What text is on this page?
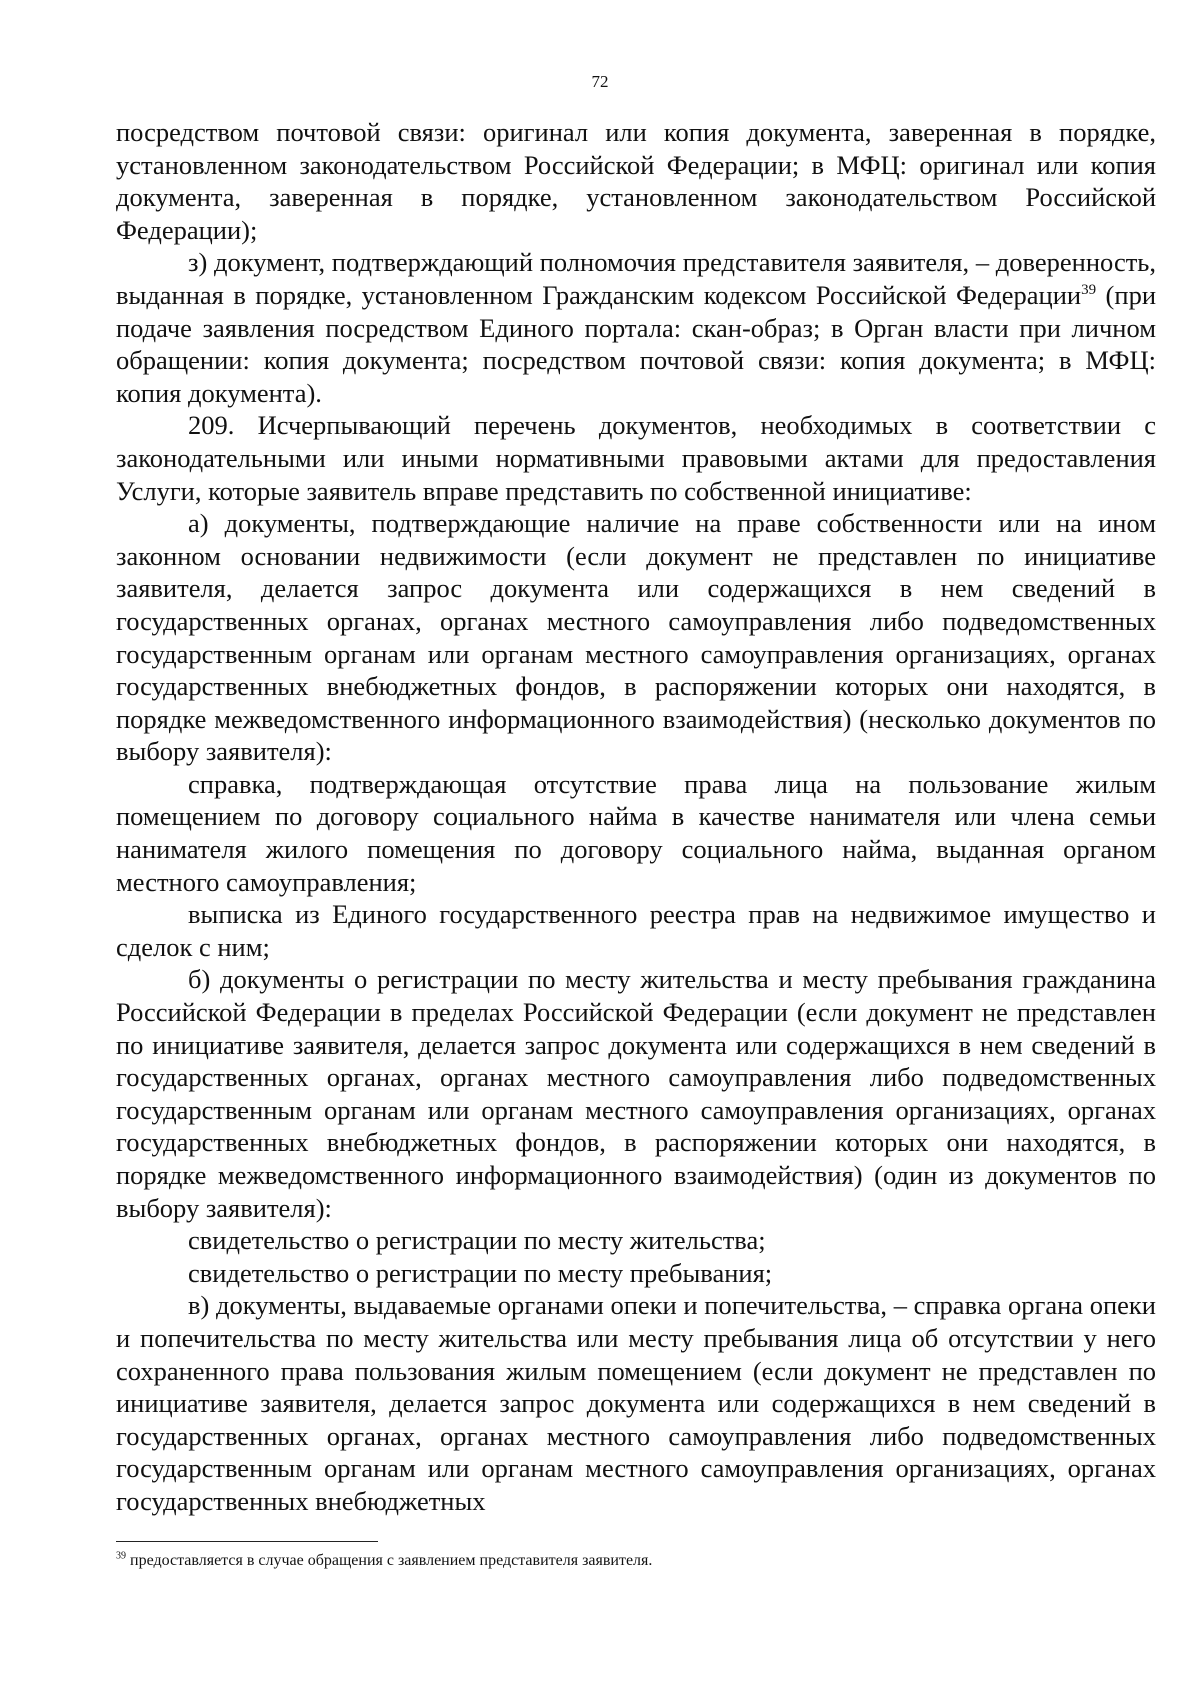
72

посредством почтовой связи: оригинал или копия документа, заверенная в порядке, установленном законодательством Российской Федерации; в МФЦ: оригинал или копия документа, заверенная в порядке, установленном законодательством Российской Федерации);

з) документ, подтверждающий полномочия представителя заявителя, – доверенность, выданная в порядке, установленном Гражданским кодексом Российской Федерации$^{39}$ (при подаче заявления посредством Единого портала: скан-образ; в Орган власти при личном обращении: копия документа; посредством почтовой связи: копия документа; в МФЦ: копия документа).

209. Исчерпывающий перечень документов, необходимых в соответствии с законодательными или иными нормативными правовыми актами для предоставления Услуги, которые заявитель вправе представить по собственной инициативе:

а) документы, подтверждающие наличие на праве собственности или на ином законном основании недвижимости (если документ не представлен по инициативе заявителя, делается запрос документа или содержащихся в нем сведений в государственных органах, органах местного самоуправления либо подведомственных государственным органам или органам местного самоуправления организациях, органах государственных внебюджетных фондов, в распоряжении которых они находятся, в порядке межведомственного информационного взаимодействия) (несколько документов по выбору заявителя):

справка, подтверждающая отсутствие права лица на пользование жилым помещением по договору социального найма в качестве нанимателя или члена семьи нанимателя жилого помещения по договору социального найма, выданная органом местного самоуправления;

выписка из Единого государственного реестра прав на недвижимое имущество и сделок с ним;

б) документы о регистрации по месту жительства и месту пребывания гражданина Российской Федерации в пределах Российской Федерации (если документ не представлен по инициативе заявителя, делается запрос документа или содержащихся в нем сведений в государственных органах, органах местного самоуправления либо подведомственных государственным органам или органам местного самоуправления организациях, органах государственных внебюджетных фондов, в распоряжении которых они находятся, в порядке межведомственного информационного взаимодействия) (один из документов по выбору заявителя):

свидетельство о регистрации по месту жительства;

свидетельство о регистрации по месту пребывания;

в) документы, выдаваемые органами опеки и попечительства, – справка органа опеки и попечительства по месту жительства или месту пребывания лица об отсутствии у него сохраненного права пользования жилым помещением (если документ не представлен по инициативе заявителя, делается запрос документа или содержащихся в нем сведений в государственных органах, органах местного самоуправления либо подведомственных государственным органам или органам местного самоуправления организациях, органах государственных внебюджетных

$^{39}$ предоставляется в случае обращения с заявлением представителя заявителя.
